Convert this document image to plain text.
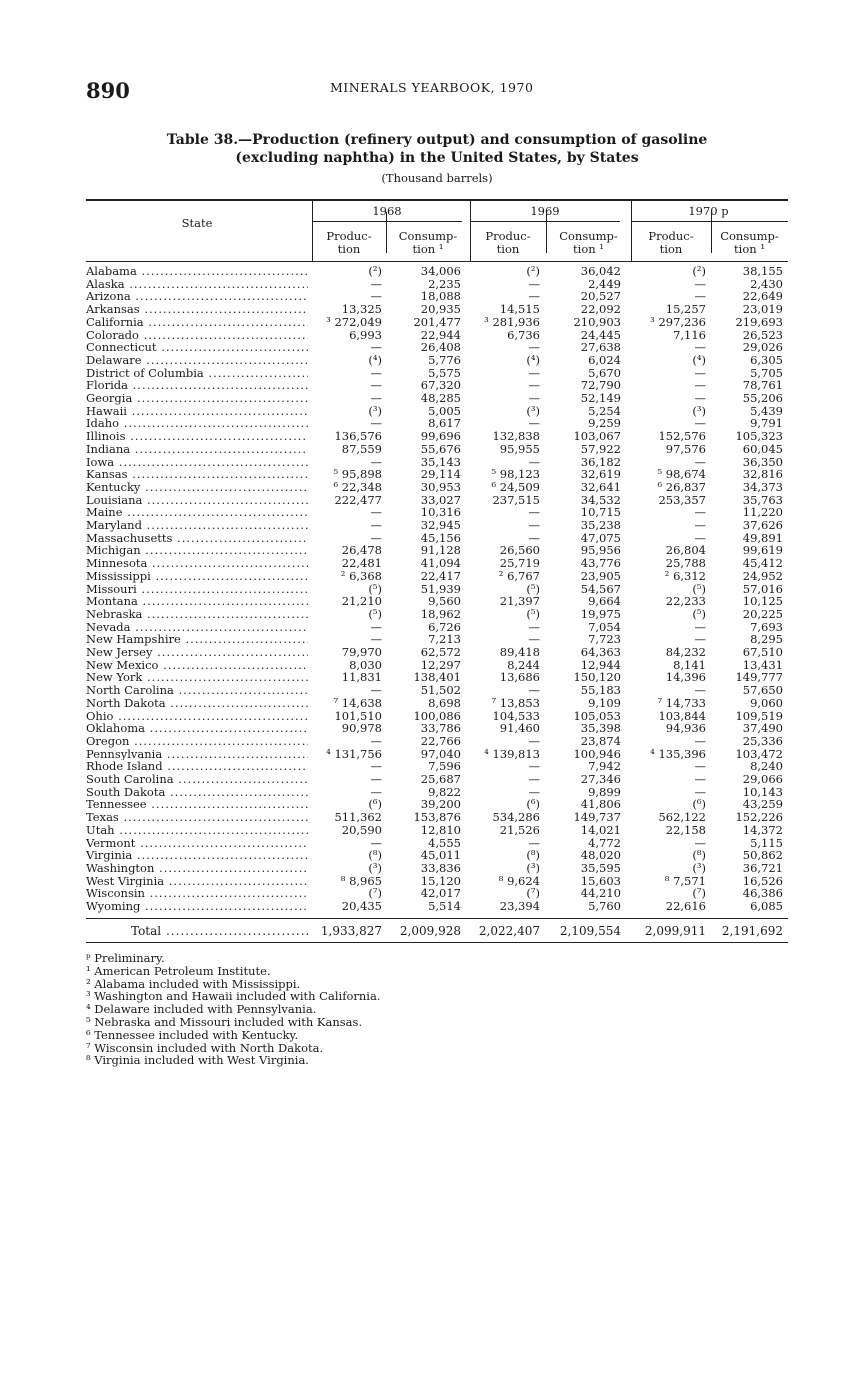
890	MINERALS YEARBOOK, 1970
Table 38.—Production (refinery output) and consumption of gasoline
(excluding naphtha) in the United States, by States
(Thousand barrels)
State
1968	1969	1970 p
Produc-
tion
Consump-
tion ¹
Produc-
tion
Consump-
tion ¹
Produc-
tion
Consump-
tion ¹
Alabama .....	(²)	34,006	(²)	36,042	(²)	38,155
Alaska .....	—	2,235	—	2,449	—	2,430
Arizona .....	—	18,088	—	20,527	—	22,649
Arkansas .....	13,325	20,935	14,515	22,092	15,257	23,019
California .....	³ 272,049	201,477	³ 281,936	210,903	³ 297,236	219,693
Colorado .....	6,993	22,944	6,736	24,445	7,116	26,523
Connecticut .....	—	26,408	—	27,638	—	29,026
Delaware .....	(⁴)	5,776	(⁴)	6,024	(⁴)	6,305
District of Columbia .....	—	5,575	—	5,670	—	5,705
Florida .....	—	67,320	—	72,790	—	78,761
Georgia .....	—	48,285	—	52,149	—	55,206
Hawaii .....	(³)	5,005	(³)	5,254	(³)	5,439
Idaho .....	—	8,617	—	9,259	—	9,791
Illinois .....	136,576	99,696	132,838	103,067	152,576	105,323
Indiana .....	87,559	55,676	95,955	57,922	97,576	60,045
Iowa .....	—	35,143	—	36,182	—	36,350
Kansas .....	⁵ 95,898	29,114	⁵ 98,123	32,619	⁵ 98,674	32,816
Kentucky .....	⁶ 22,348	30,953	⁶ 24,509	32,641	⁶ 26,837	34,373
Louisiana .....	222,477	33,027	237,515	34,532	253,357	35,763
Maine .....	—	10,316	—	10,715	—	11,220
Maryland .....	—	32,945	—	35,238	—	37,626
Massachusetts .....	—	45,156	—	47,075	—	49,891
Michigan .....	26,478	91,128	26,560	95,956	26,804	99,619
Minnesota .....	22,481	41,094	25,719	43,776	25,788	45,412
Mississippi .....	² 6,368	22,417	² 6,767	23,905	² 6,312	24,952
Missouri .....	(⁵)	51,939	(⁵)	54,567	(⁵)	57,016
Montana .....	21,210	9,560	21,397	9,664	22,233	10,125
Nebraska .....	(⁵)	18,962	(⁵)	19,975	(⁵)	20,225
Nevada .....	—	6,726	—	7,054	—	7,693
New Hampshire .....	—	7,213	—	7,723	—	8,295
New Jersey .....	79,970	62,572	89,418	64,363	84,232	67,510
New Mexico .....	8,030	12,297	8,244	12,944	8,141	13,431
New York .....	11,831	138,401	13,686	150,120	14,396	149,777
North Carolina .....	—	51,502	—	55,183	—	57,650
North Dakota .....	⁷ 14,638	8,698	⁷ 13,853	9,109	⁷ 14,733	9,060
Ohio .....	101,510	100,086	104,533	105,053	103,844	109,519
Oklahoma .....	90,978	33,786	91,460	35,398	94,936	37,490
Oregon .....	—	22,766	—	23,874	—	25,336
Pennsylvania .....	⁴ 131,756	97,040	⁴ 139,813	100,946	⁴ 135,396	103,472
Rhode Island .....	—	7,596	—	7,942	—	8,240
South Carolina .....	—	25,687	—	27,346	—	29,066
South Dakota .....	—	9,822	—	9,899	—	10,143
Tennessee .....	(⁶)	39,200	(⁶)	41,806	(⁶)	43,259
Texas .....	511,362	153,876	534,286	149,737	562,122	152,226
Utah .....	20,590	12,810	21,526	14,021	22,158	14,372
Vermont .....	—	4,555	—	4,772	—	5,115
Virginia .....	(⁸)	45,011	(⁸)	48,020	(⁸)	50,862
Washington .....	(³)	33,836	(³)	35,595	(³)	36,721
West Virginia .....	⁸ 8,965	15,120	⁸ 9,624	15,603	⁸ 7,571	16,526
Wisconsin .....	(⁷)	42,017	(⁷)	44,210	(⁷)	46,386
Wyoming .....	20,435	5,514	23,394	5,760	22,616	6,085
Total .....	1,933,827	2,009,928	2,022,407	2,109,554	2,099,911	2,191,692
ᵖ Preliminary.
¹ American Petroleum Institute.
² Alabama included with Mississippi.
³ Washington and Hawaii included with California.
⁴ Delaware included with Pennsylvania.
⁵ Nebraska and Missouri included with Kansas.
⁶ Tennessee included with Kentucky.
⁷ Wisconsin included with North Dakota.
⁸ Virginia included with West Virginia.
